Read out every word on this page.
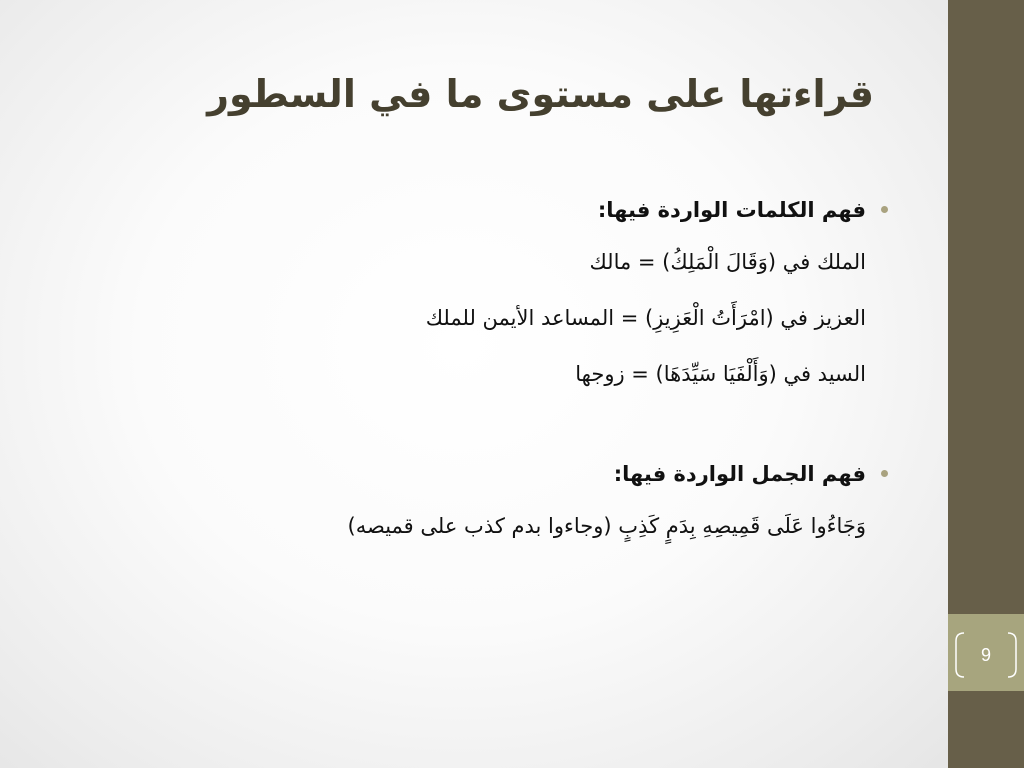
قراءتها على مستوى ما في السطور
فهم الكلمات الواردة فيها:
الملك في (وَقَالَ الْمَلِكُ) = مالك
العزيز في (امْرَأَتُ الْعَزِيزِ) = المساعد الأيمن للملك
السيد في (وَأَلْفَيَا سَيِّدَهَا) = زوجها
فهم الجمل الواردة فيها:
وَجَاءُوا عَلَى قَمِيصِهِ بِدَمٍ كَذِبٍ (وجاءوا بدم كذب على قميصه)
9
